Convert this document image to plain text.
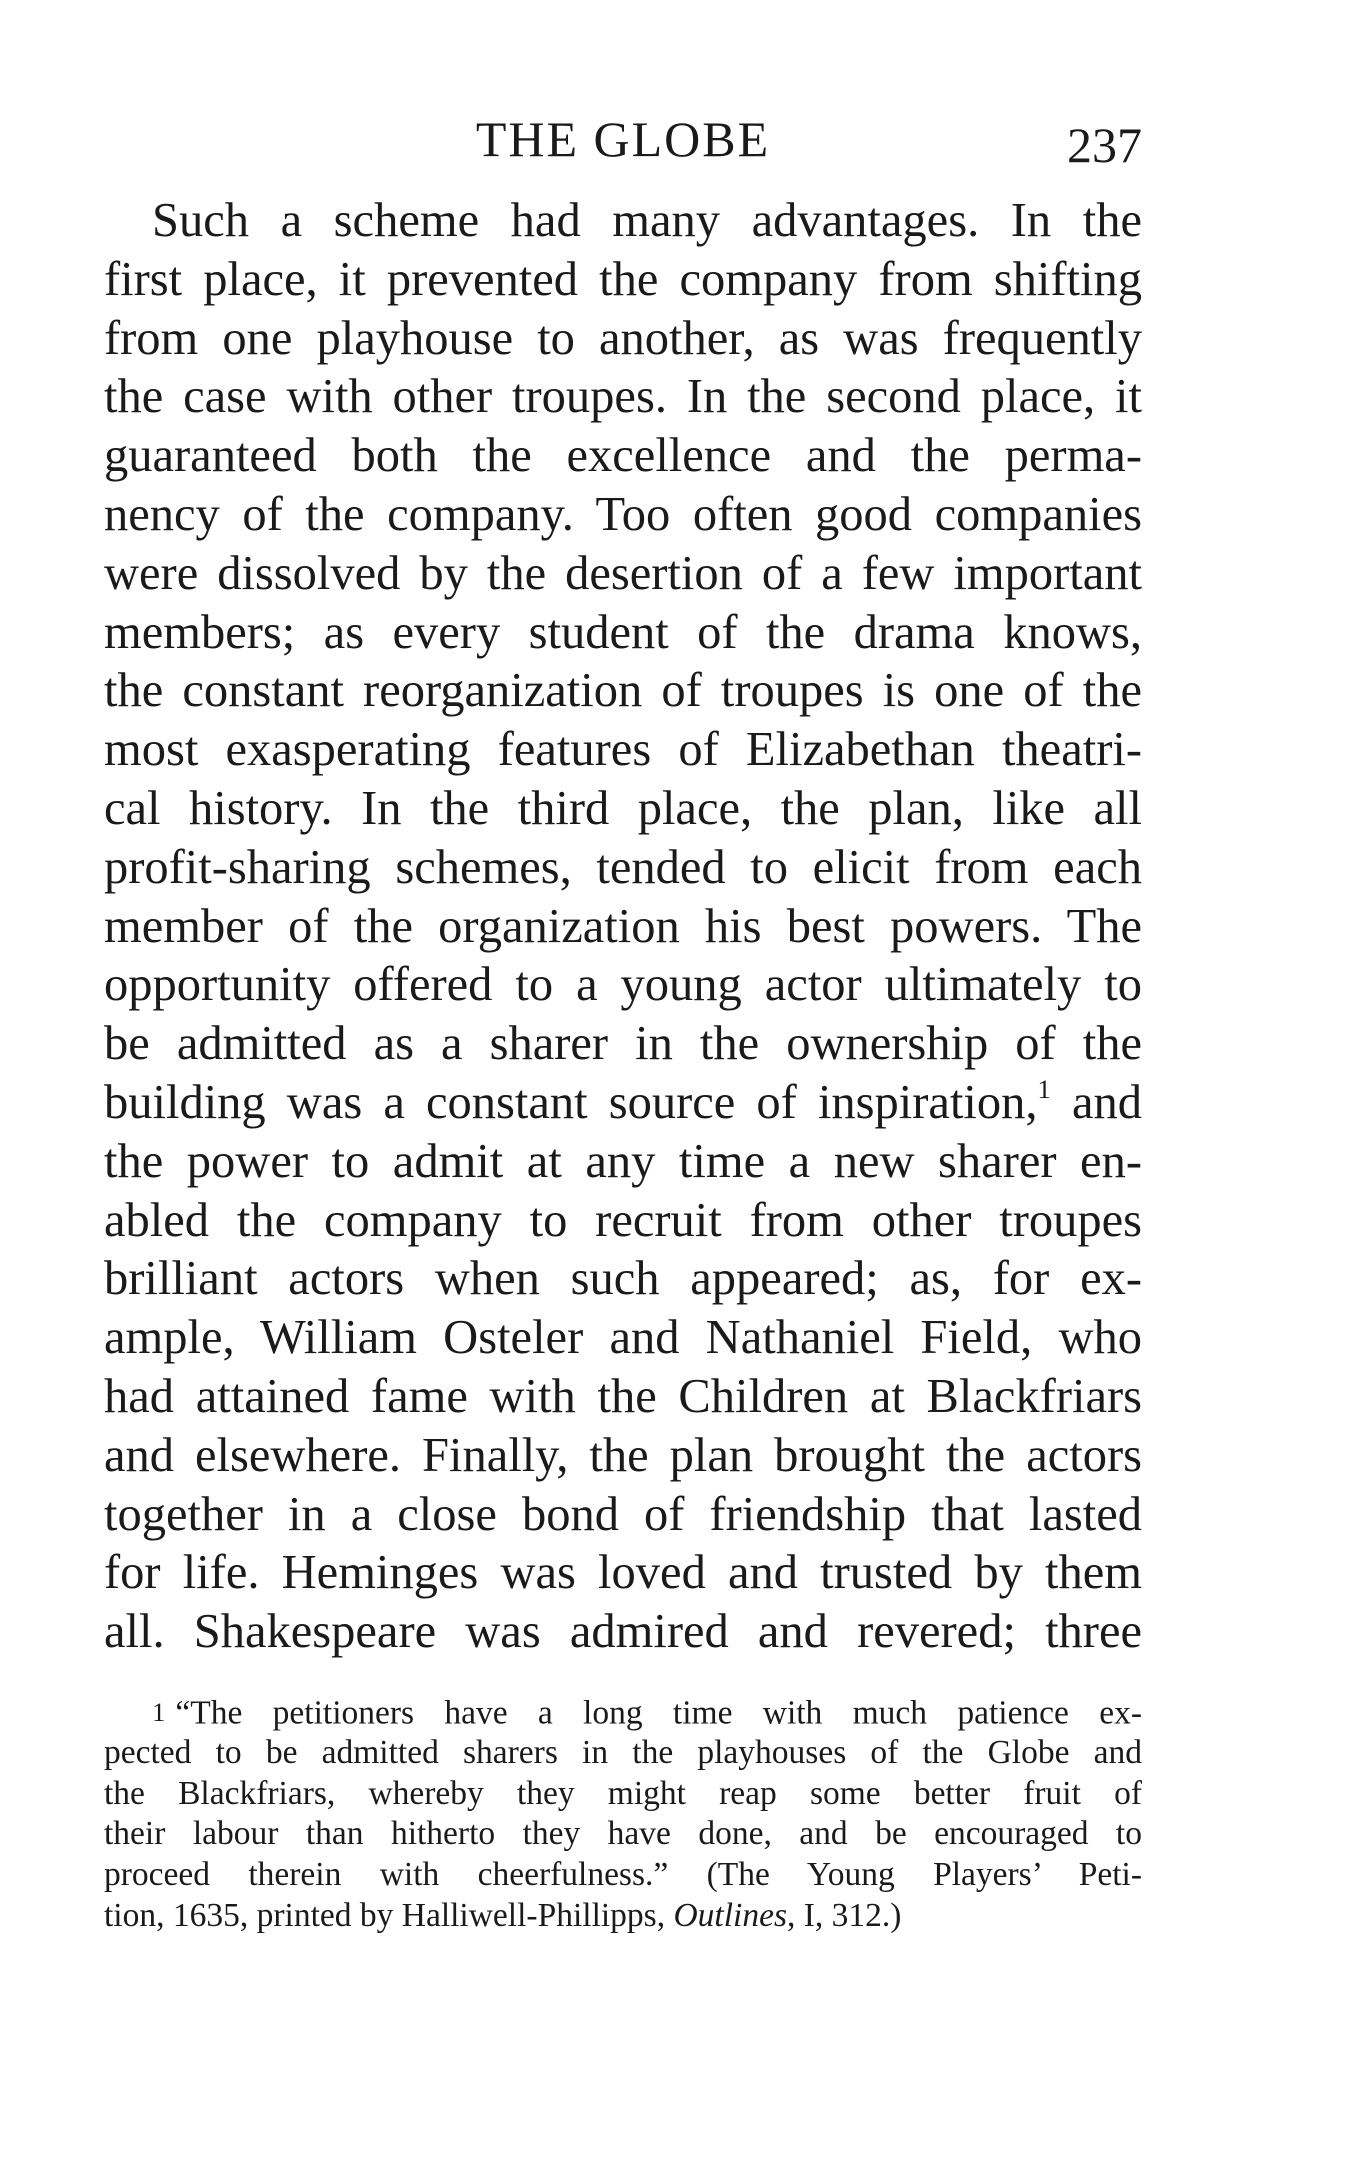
THE GLOBE	237
Such a scheme had many advantages. In the
first place, it prevented the company from shifting
from one playhouse to another, as was frequently
the case with other troupes. In the second place, it
guaranteed both the excellence and the perma-
nency of the company. Too often good companies
were dissolved by the desertion of a few important
members; as every student of the drama knows,
the constant reorganization of troupes is one of the
most exasperating features of Elizabethan theatri-
cal history. In the third place, the plan, like all
profit-sharing schemes, tended to elicit from each
member of the organization his best powers. The
opportunity offered to a young actor ultimately to
be admitted as a sharer in the ownership of the
building was a constant source of inspiration,$^1$ and
the power to admit at any time a new sharer en-
abled the company to recruit from other troupes
brilliant actors when such appeared; as, for ex-
ample, William Osteler and Nathaniel Field, who
had attained fame with the Children at Blackfriars
and elsewhere. Finally, the plan brought the actors
together in a close bond of friendship that lasted
for life. Heminges was loved and trusted by them
all. Shakespeare was admired and revered; three
1 “The petitioners have a long time with much patience ex-
pected to be admitted sharers in the playhouses of the Globe and
the Blackfriars, whereby they might reap some better fruit of
their labour than hitherto they have done, and be encouraged to
proceed therein with cheerfulness.” (The Young Players’ Peti-
tion, 1635, printed by Halliwell-Phillipps, Outlines, I, 312.)
